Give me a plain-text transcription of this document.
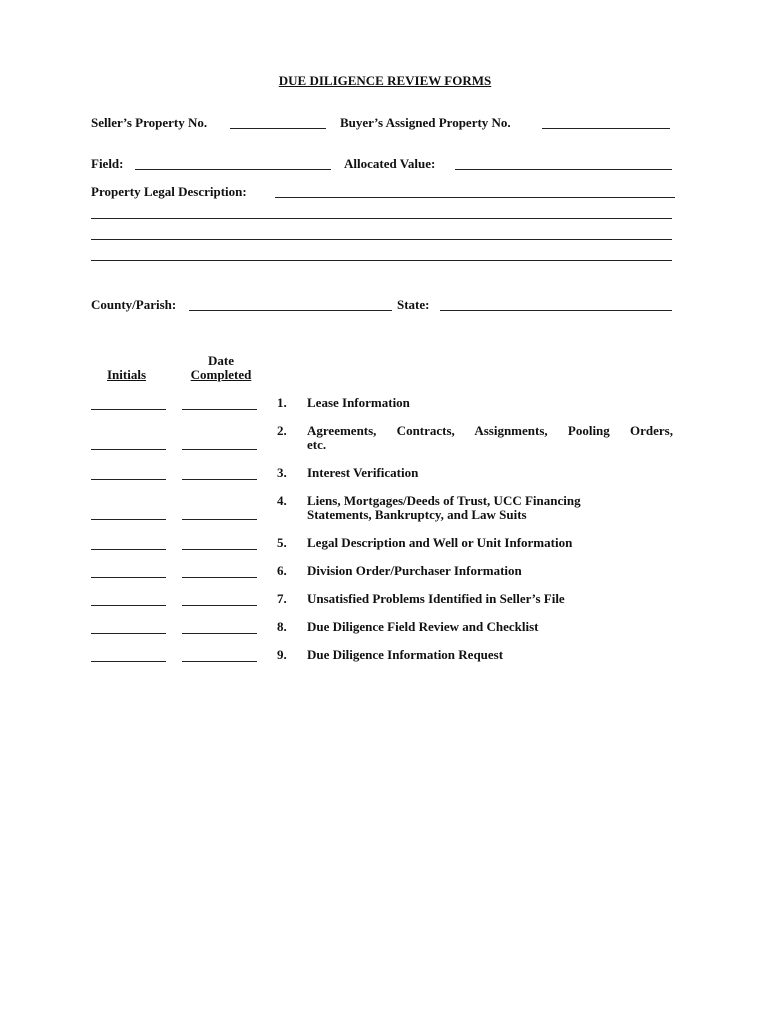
DUE DILIGENCE REVIEW FORMS
Seller’s Property No.	Buyer’s Assigned Property No.
Field:	Allocated Value:
Property Legal Description:
County/Parish:	State:
Initials
Date
Completed
1. Lease Information
2. Agreements, Contracts, Assignments, Pooling Orders,
etc.
3. Interest Verification
4. Liens, Mortgages/Deeds of Trust, UCC Financing
Statements, Bankruptcy, and Law Suits
5. Legal Description and Well or Unit Information
6. Division Order/Purchaser Information
7. Unsatisfied Problems Identified in Seller’s File
8. Due Diligence Field Review and Checklist
9. Due Diligence Information Request
